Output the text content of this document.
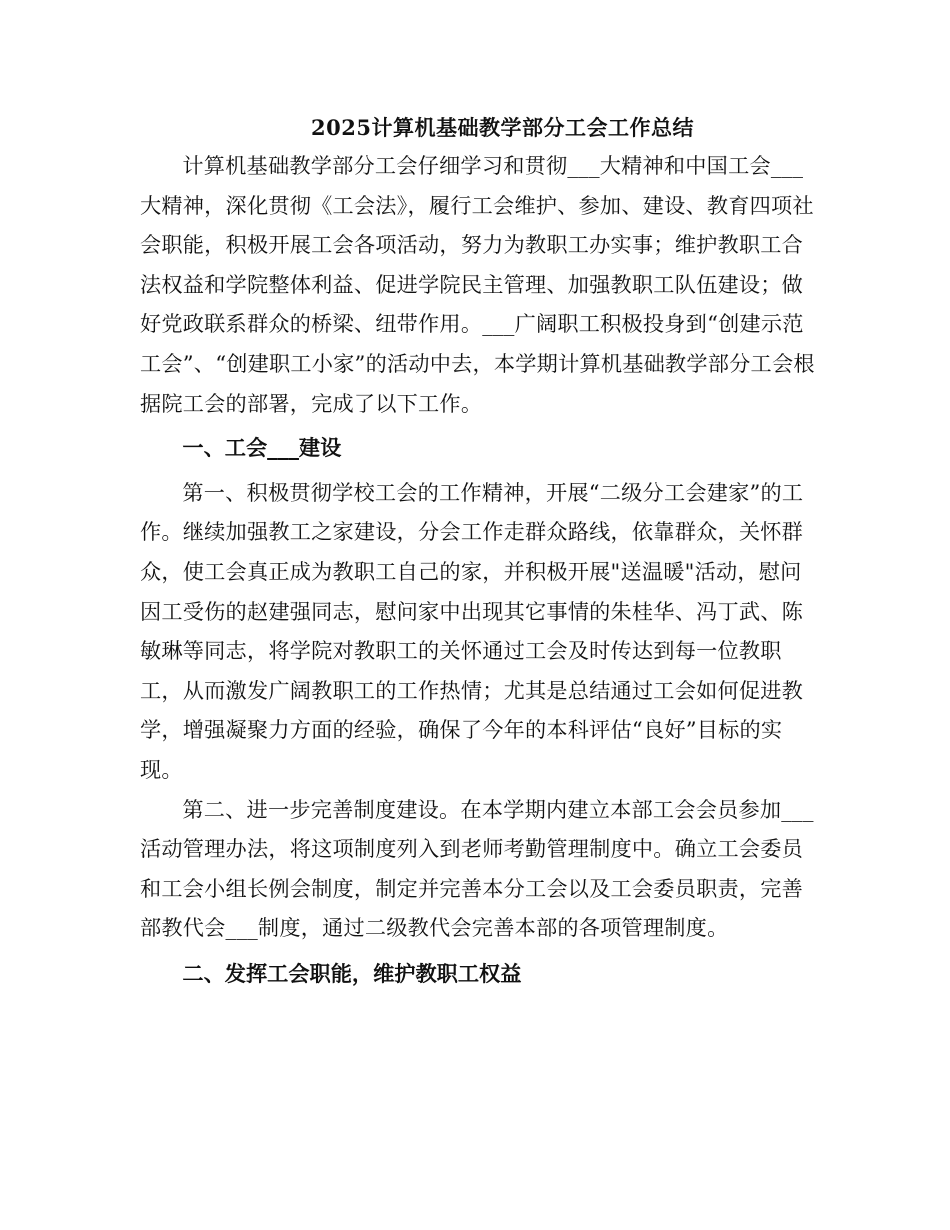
2025计算机基础教学部分工会工作总结

计算机基础教学部分工会仔细学习和贯彻___大精神和中国工会___大精神，深化贯彻《工会法》，履行工会维护、参加、建设、教育四项社会职能，积极开展工会各项活动，努力为教职工办实事；维护教职工合法权益和学院整体利益、促进学院民主管理、加强教职工队伍建设；做好党政联系群众的桥梁、纽带作用。___广阔职工积极投身到“创建示范工会”、“创建职工小家”的活动中去，本学期计算机基础教学部分工会根据院工会的部署，完成了以下工作。

一、工会___建设

第一、积极贯彻学校工会的工作精神，开展“二级分工会建家”的工作。继续加强教工之家建设，分会工作走群众路线，依靠群众，关怀群众，使工会真正成为教职工自己的家，并积极开展"送温暖"活动，慰问因工受伤的赵建强同志，慰问家中出现其它事情的朱桂华、冯丁武、陈敏琳等同志，将学院对教职工的关怀通过工会及时传达到每一位教职工，从而激发广阔教职工的工作热情；尤其是总结通过工会如何促进教学，增强凝聚力方面的经验，确保了今年的本科评估“良好”目标的实现。

第二、进一步完善制度建设。在本学期内建立本部工会会员参加___活动管理办法，将这项制度列入到老师考勤管理制度中。确立工会委员和工会小组长例会制度，制定并完善本分工会以及工会委员职责，完善部教代会___制度，通过二级教代会完善本部的各项管理制度。

二、发挥工会职能，维护教职工权益
